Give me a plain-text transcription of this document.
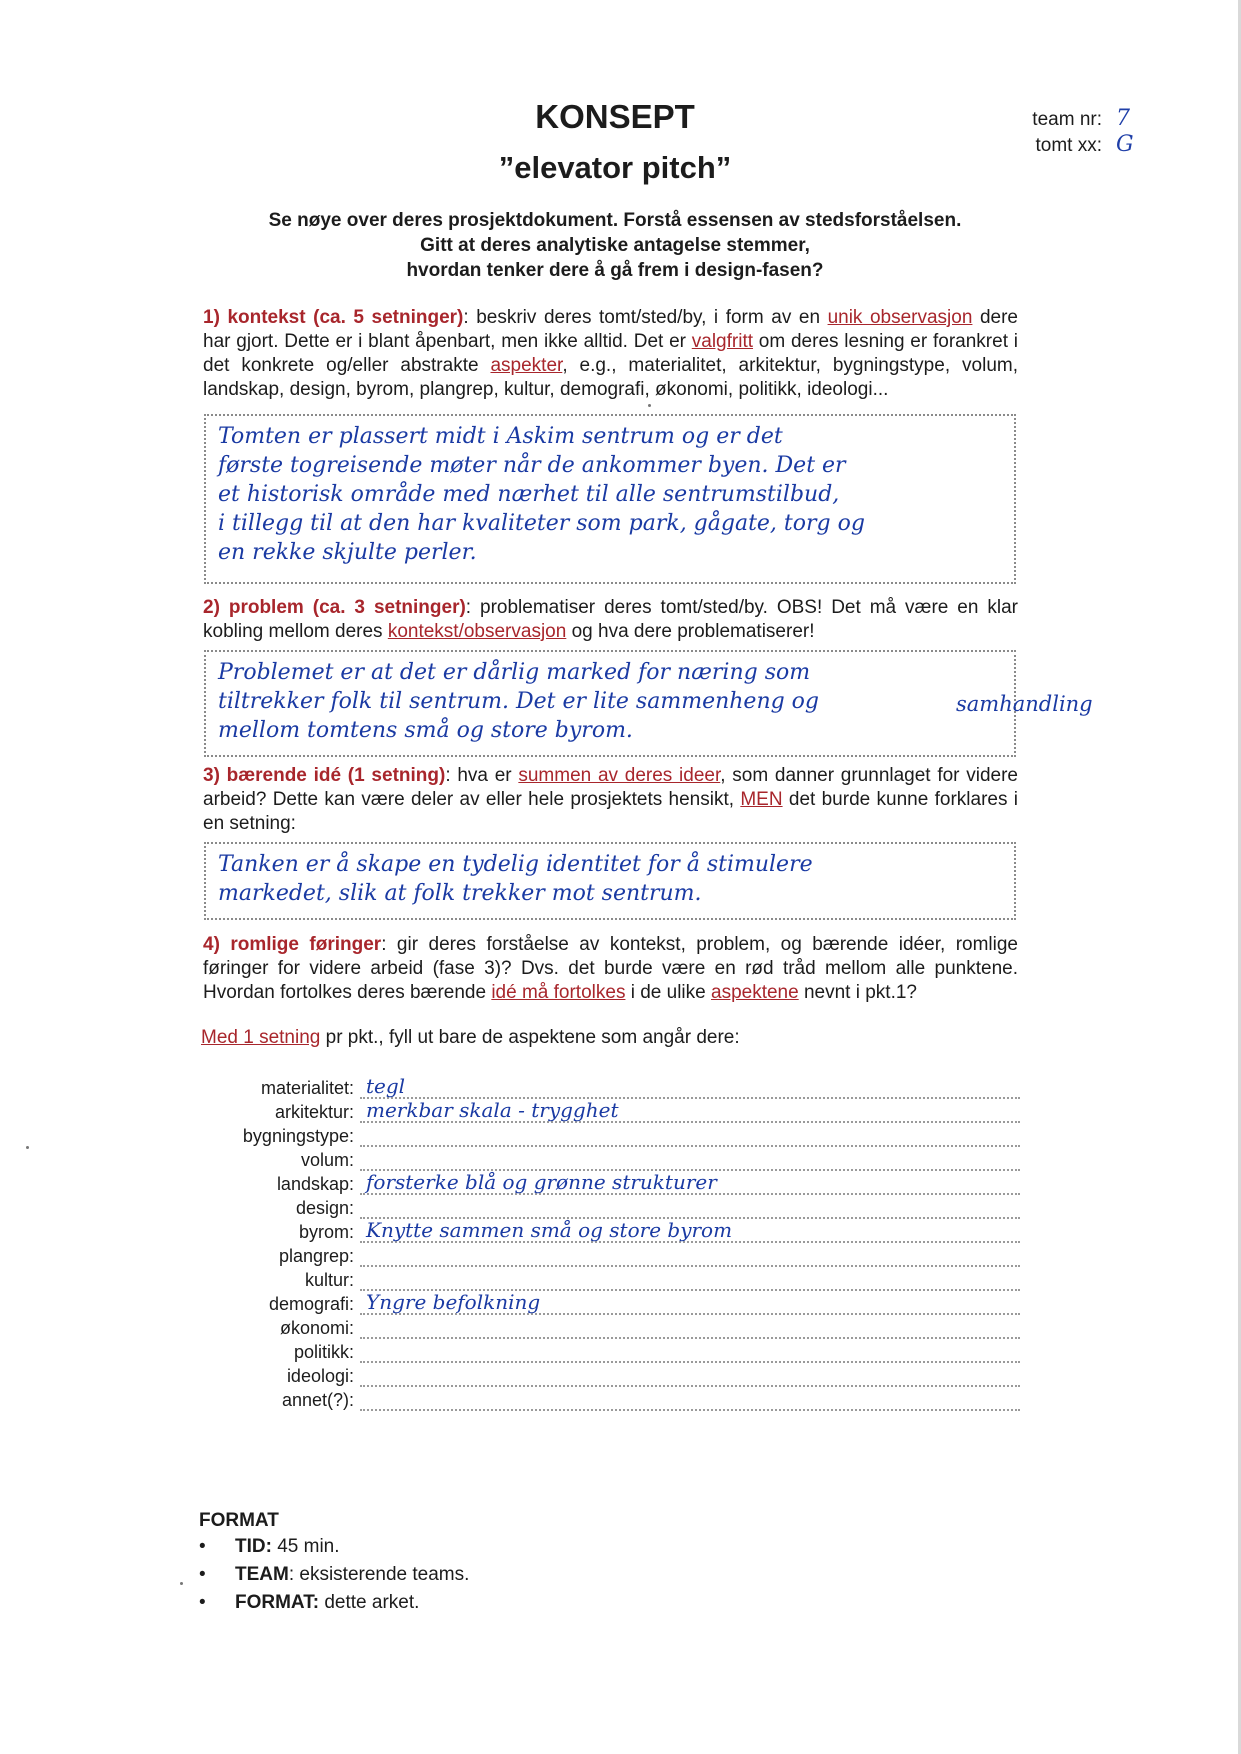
KONSEPT
”elevator pitch”
team nr: 7
tomt xx: G
Se nøye over deres prosjektdokument. Forstå essensen av stedsforståelsen.
Gitt at deres analytiske antagelse stemmer,
hvordan tenker dere å gå frem i design-fasen?
1) kontekst (ca. 5 setninger): beskriv deres tomt/sted/by, i form av en unik observasjon dere har gjort. Dette er i blant åpenbart, men ikke alltid. Det er valgfritt om deres lesning er forankret i det konkrete og/eller abstrakte aspekter, e.g., materialitet, arkitektur, bygningstype, volum, landskap, design, byrom, plangrep, kultur, demografi, økonomi, politikk, ideologi...
Tomten er plassert midt i Askim sentrum og er det
første togreisende møter når de ankommer byen. Det er
et historisk område med nærhet til alle sentrumstilbud,
i tillegg til at den har kvaliteter som park, gågate, torg og
en rekke skjulte perler.
2) problem (ca. 3 setninger): problematiser deres tomt/sted/by. OBS! Det må være en klar kobling mellom deres kontekst/observasjon og hva dere problematiserer!
Problemet er at det er dårlig marked for næring som
tiltrekker folk til sentrum. Det er lite sammenheng og
mellom tomtens små og store byrom.
samhandling
3) bærende idé (1 setning): hva er summen av deres ideer, som danner grunnlaget for videre arbeid? Dette kan være deler av eller hele prosjektets hensikt, MEN det burde kunne forklares i en setning:
Tanken er å skape en tydelig identitet for å stimulere
markedet, slik at folk trekker mot sentrum.
4) romlige føringer: gir deres forståelse av kontekst, problem, og bærende idéer, romlige føringer for videre arbeid (fase 3)? Dvs. det burde være en rød tråd mellom alle punktene. Hvordan fortolkes deres bærende idé må fortolkes i de ulike aspektene nevnt i pkt.1?
Med 1 setning pr pkt., fyll ut bare de aspektene som angår dere:
materialitet: tegl
arkitektur: merkbar skala - trygghet
bygningstype:
volum:
landskap: forsterke blå og grønne strukturer
design:
byrom: Knytte sammen små og store byrom
plangrep:
kultur:
demografi: Yngre befolkning
økonomi:
politikk:
ideologi:
annet(?):
FORMAT
• TID: 45 min.
• TEAM: eksisterende teams.
• FORMAT: dette arket.
